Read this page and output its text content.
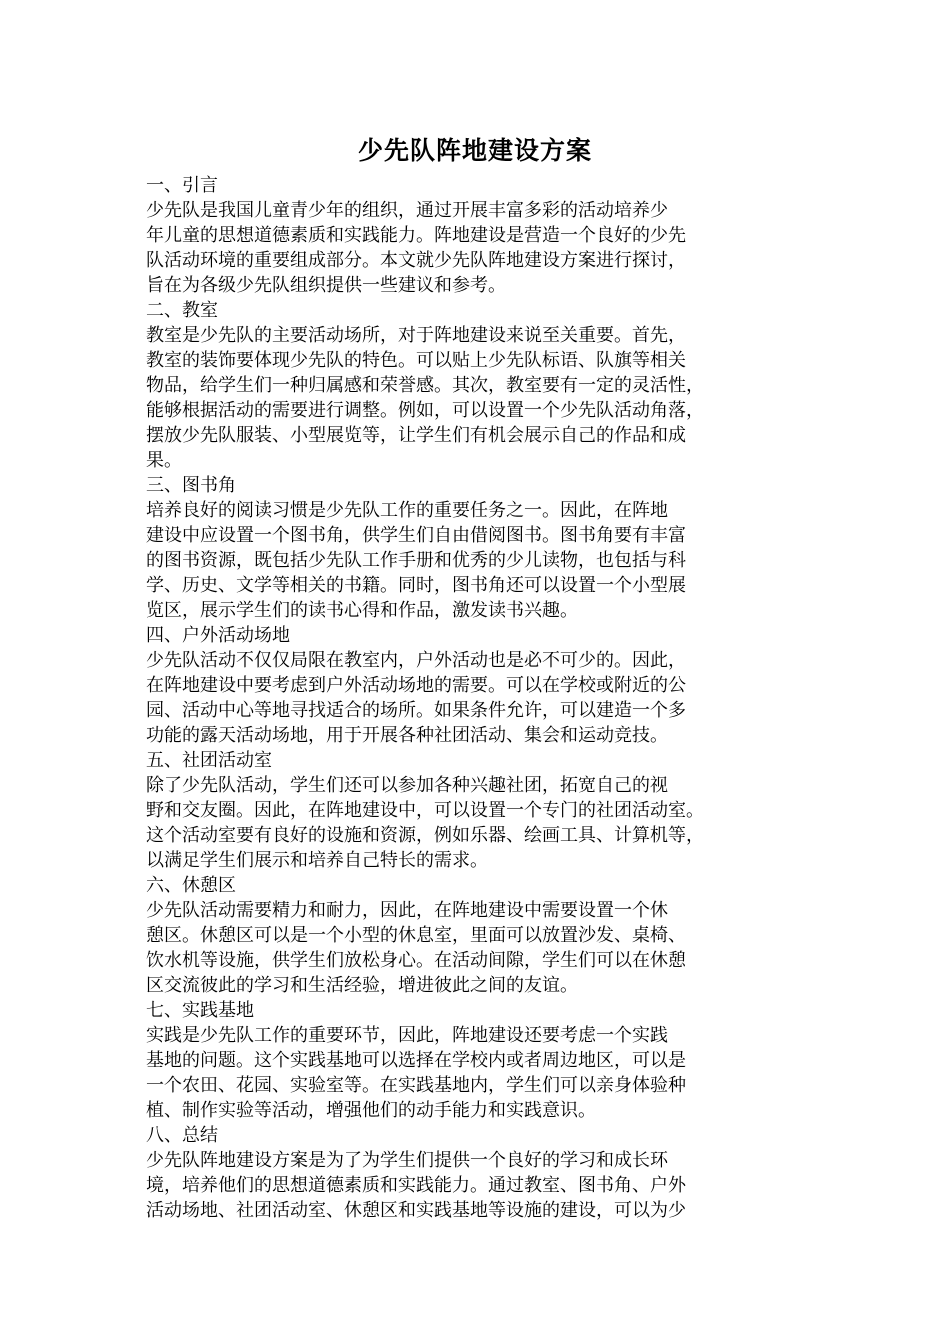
少先队阵地建设方案
一、引言
少先队是我国儿童青少年的组织，通过开展丰富多彩的活动培养少
年儿童的思想道德素质和实践能力。阵地建设是营造一个良好的少先
队活动环境的重要组成部分。本文就少先队阵地建设方案进行探讨，
旨在为各级少先队组织提供一些建议和参考。
二、教室
教室是少先队的主要活动场所，对于阵地建设来说至关重要。首先，
教室的装饰要体现少先队的特色。可以贴上少先队标语、队旗等相关
物品，给学生们一种归属感和荣誉感。其次，教室要有一定的灵活性，
能够根据活动的需要进行调整。例如，可以设置一个少先队活动角落，
摆放少先队服装、小型展览等，让学生们有机会展示自己的作品和成
果。
三、图书角
培养良好的阅读习惯是少先队工作的重要任务之一。因此，在阵地
建设中应设置一个图书角，供学生们自由借阅图书。图书角要有丰富
的图书资源，既包括少先队工作手册和优秀的少儿读物，也包括与科
学、历史、文学等相关的书籍。同时，图书角还可以设置一个小型展
览区，展示学生们的读书心得和作品，激发读书兴趣。
四、户外活动场地
少先队活动不仅仅局限在教室内，户外活动也是必不可少的。因此，
在阵地建设中要考虑到户外活动场地的需要。可以在学校或附近的公
园、活动中心等地寻找适合的场所。如果条件允许，可以建造一个多
功能的露天活动场地，用于开展各种社团活动、集会和运动竞技。
五、社团活动室
除了少先队活动，学生们还可以参加各种兴趣社团，拓宽自己的视
野和交友圈。因此，在阵地建设中，可以设置一个专门的社团活动室。
这个活动室要有良好的设施和资源，例如乐器、绘画工具、计算机等，
以满足学生们展示和培养自己特长的需求。
六、休憩区
少先队活动需要精力和耐力，因此，在阵地建设中需要设置一个休
憩区。休憩区可以是一个小型的休息室，里面可以放置沙发、桌椅、
饮水机等设施，供学生们放松身心。在活动间隙，学生们可以在休憩
区交流彼此的学习和生活经验，增进彼此之间的友谊。
七、实践基地
实践是少先队工作的重要环节，因此，阵地建设还要考虑一个实践
基地的问题。这个实践基地可以选择在学校内或者周边地区，可以是
一个农田、花园、实验室等。在实践基地内，学生们可以亲身体验种
植、制作实验等活动，增强他们的动手能力和实践意识。
八、总结
少先队阵地建设方案是为了为学生们提供一个良好的学习和成长环
境，培养他们的思想道德素质和实践能力。通过教室、图书角、户外
活动场地、社团活动室、休憩区和实践基地等设施的建设，可以为少
